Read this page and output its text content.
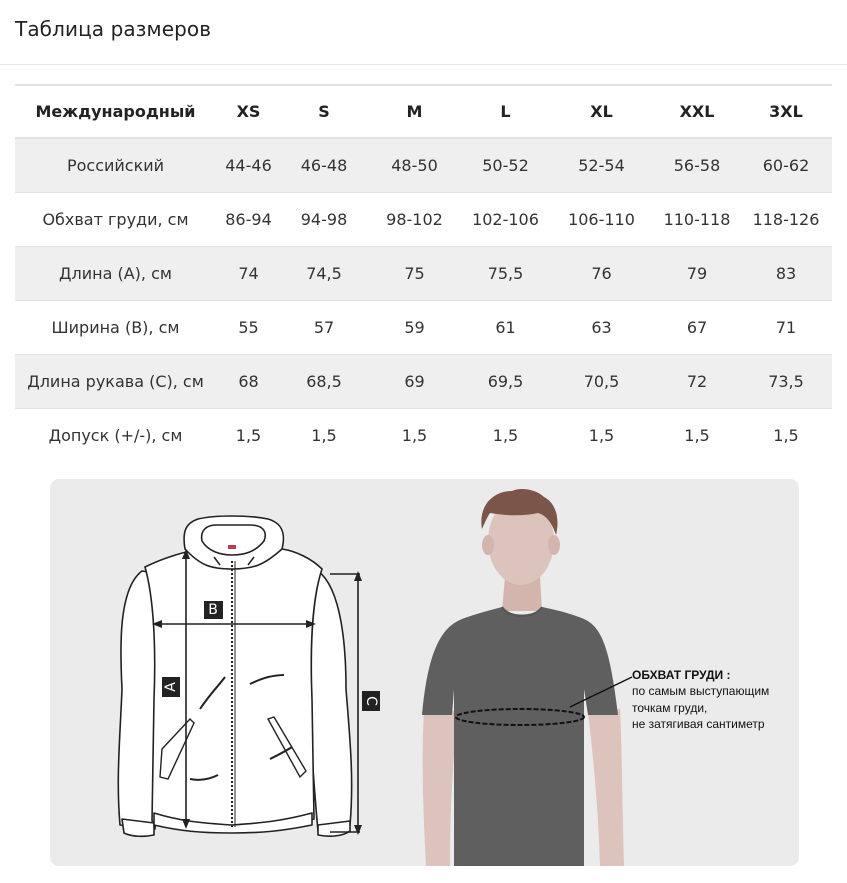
Таблица размеров
Международный	XS	S	M	L	XL	XXL	3XL
Российский	44-46	46-48	48-50	50-52	52-54	56-58	60-62
Обхват груди, см	86-94	94-98	98-102	102-106	106-110	110-118	118-126
Длина (A), см	74	74,5	75	75,5	76	79	83
Ширина (B), см	55	57	59	61	63	67	71
Длина рукава (C), см	68	68,5	69	69,5	70,5	72	73,5
Допуск (+/-), см	1,5	1,5	1,5	1,5	1,5	1,5	1,5
A
B
C
ОБХВАТ ГРУДИ :
по самым выступающим
точкам груди,
не затягивая сантиметр
